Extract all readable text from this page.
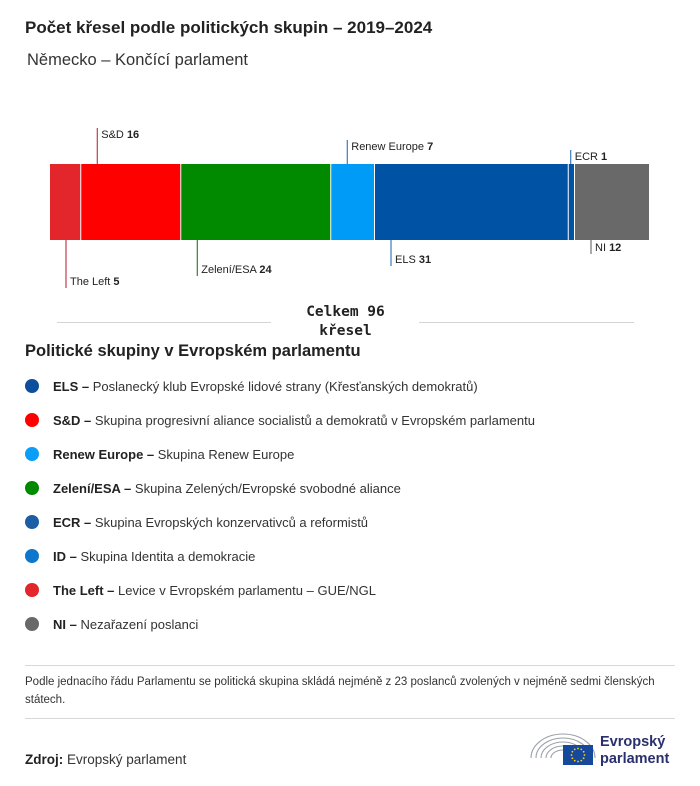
Počet křesel podle politických skupin – 2019–2024
Německo – Končící parlament
The Left 5
S&D 16
Zelení/ESA 24
Renew Europe 7
ELS 31
ECR 1
NI 12
Celkem 96
křesel
Politické skupiny v Evropském parlamentu
ELS –
Poslanecký klub Evropské lidové strany (Křesťanských demokratů)
S&D –
Skupina progresivní aliance socialistů a demokratů v Evropském parlamentu
Renew Europe –
Skupina Renew Europe
Zelení/ESA –
Skupina Zelených/Evropské svobodné aliance
ECR –
Skupina Evropských konzervativců a reformistů
ID –
Skupina Identita a demokracie
The Left –
Levice v Evropském parlamentu – GUE/NGL
NI –
Nezařazení poslanci
Podle jednacího řádu Parlamentu se politická skupina skládá nejméně z 23 poslanců zvolených v nejméně sedmi členských státech.
Zdroj: Evropský parlament
Evropský
parlament
